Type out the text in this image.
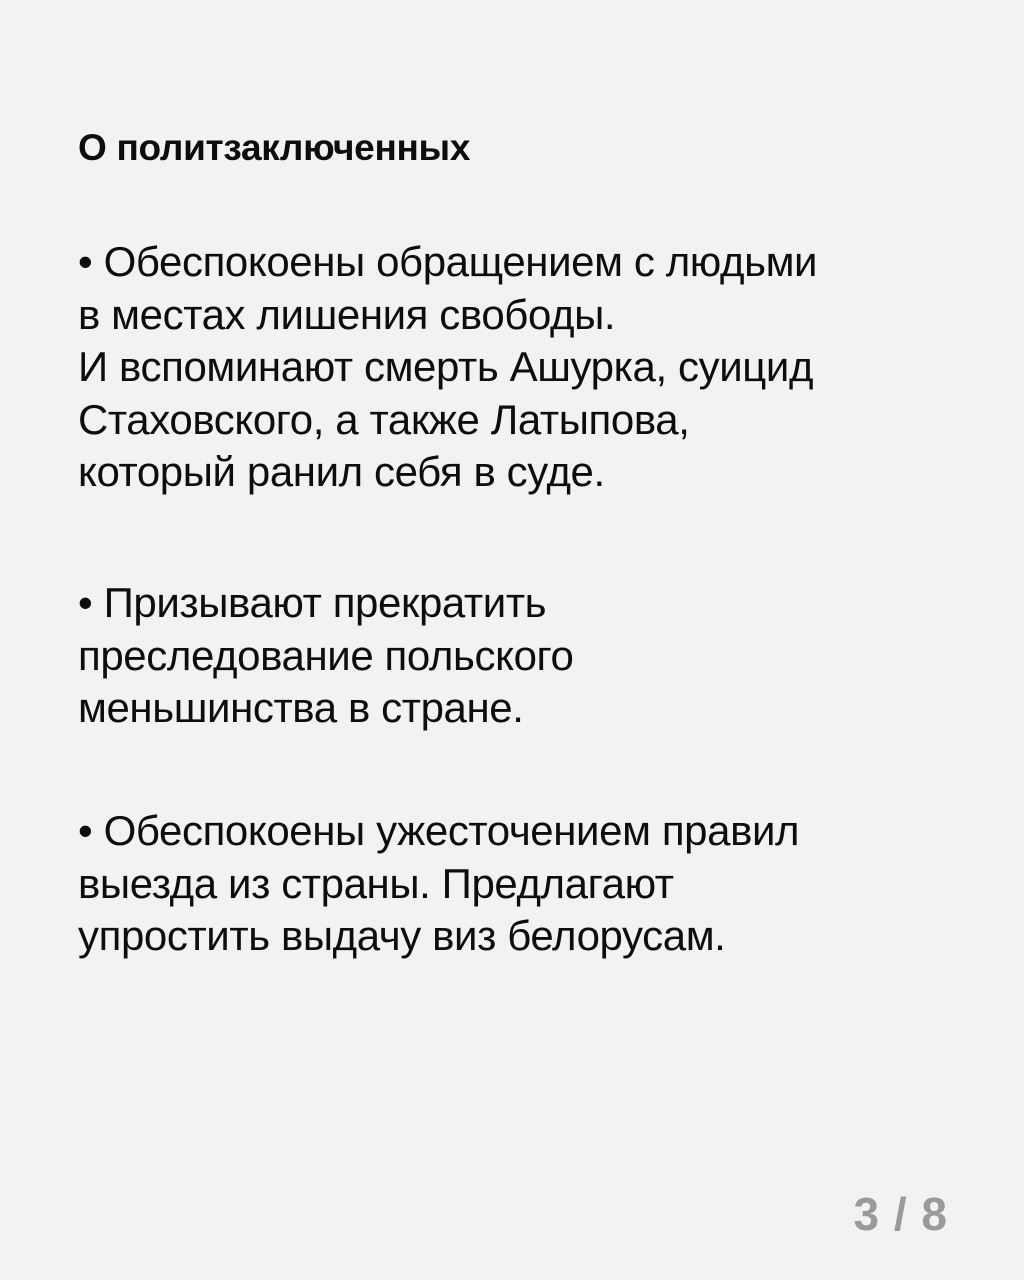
О политзаключенных

• Обеспокоены обращением с людьми
в местах лишения свободы.
И вспоминают смерть Ашурка, суицид
Стаховского, а также Латыпова,
который ранил себя в суде.

• Призывают прекратить
преследование польского
меньшинства в стране.

• Обеспокоены ужесточением правил
выезда из страны. Предлагают
упростить выдачу виз белорусам.

3 / 8
